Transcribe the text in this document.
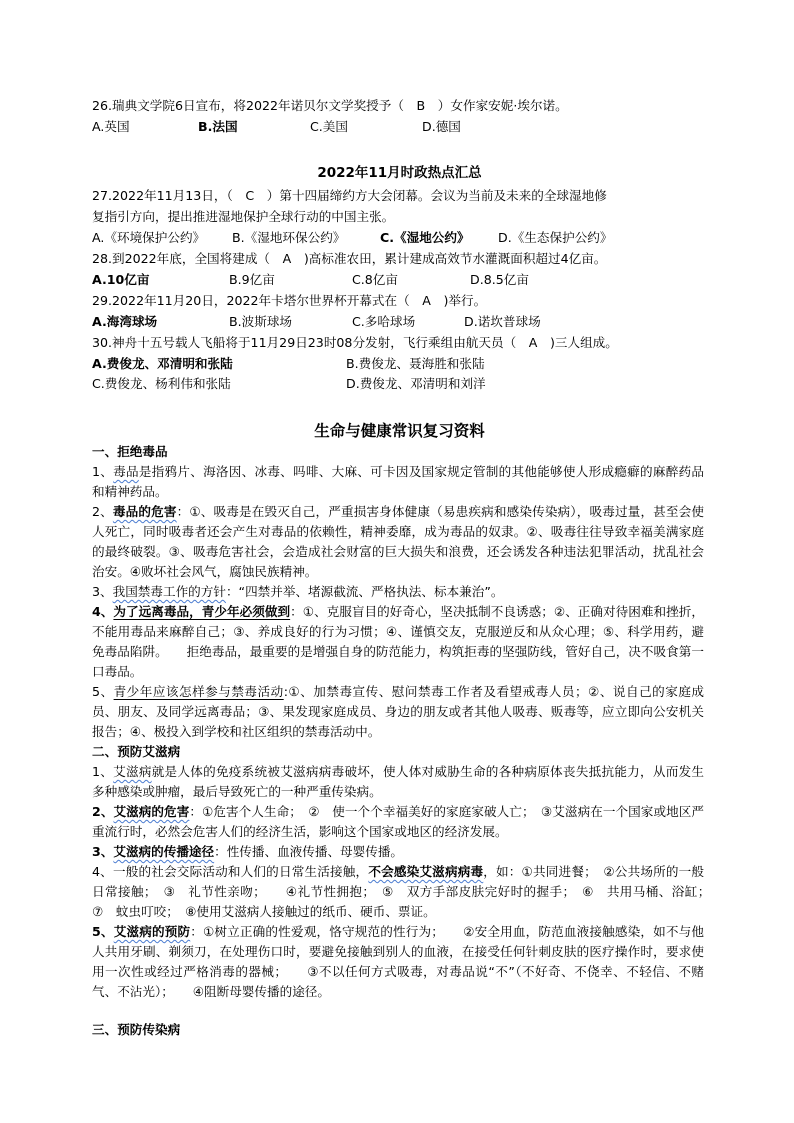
26.瑞典文学院6日宣布，将2022年诺贝尔文学奖授予（　B　）女作家安妮·埃尔诺。
A.英国	B.法国	C.美国	D.德国
2022年11月时政热点汇总
27.2022年11月13日，（　C　）第十四届缔约方大会闭幕。会议为当前及未来的全球湿地修
复指引方向，提出推进湿地保护全球行动的中国主张。
A.《环境保护公约》 B.《湿地环保公约》	C.《湿地公约》 D.《生态保护公约》
28.到2022年底，全国将建成（　A　)高标准农田，累计建成高效节水灌溉面积超过4亿亩。
A.10亿亩	B.9亿亩	C.8亿亩	D.8.5亿亩
29.2022年11月20日，2022年卡塔尔世界杯开幕式在（　A　)举行。
A.海湾球场	B.波斯球场	C.多哈球场	D.诺坎普球场
30.神舟十五号载人飞船将于11月29日23时08分发射，飞行乘组由航天员（　A　)三人组成。
A.费俊龙、邓清明和张陆	B.费俊龙、聂海胜和张陆
C.费俊龙、杨利伟和张陆	D.费俊龙、邓清明和刘洋
生命与健康常识复习资料
一、拒绝毒品
1、毒品是指鸦片、海洛因、冰毒、吗啡、大麻、可卡因及国家规定管制的其他能够使人形成瘾癖的麻醉药品和精神药品。
2、毒品的危害：①、吸毒是在毁灭自己，严重损害身体健康（易患疾病和感染传染病），吸毒过量，甚至会使人死亡，同时吸毒者还会产生对毒品的依赖性，精神委靡，成为毒品的奴隶。②、吸毒往往导致幸福美满家庭的最终破裂。③、吸毒危害社会，会造成社会财富的巨大损失和浪费，还会诱发各种违法犯罪活动，扰乱社会治安。④败坏社会风气，腐蚀民族精神。
3、我国禁毒工作的方针：“四禁并举、堵源截流、严格执法、标本兼治”。
4、为了远离毒品，青少年必须做到：①、克服盲目的好奇心，坚决抵制不良诱惑；②、正确对待困难和挫折，不能用毒品来麻醉自己；③、养成良好的行为习惯；④、谨慎交友，克服逆反和从众心理；⑤、科学用药，避免毒品陷阱。　　拒绝毒品，最重要的是增强自身的防范能力，构筑拒毒的坚强防线，管好自己，决不吸食第一口毒品。
5、青少年应该怎样参与禁毒活动:①、加禁毒宣传、慰问禁毒工作者及看望戒毒人员；②、说自己的家庭成员、朋友、及同学远离毒品；③、果发现家庭成员、身边的朋友或者其他人吸毒、贩毒等，应立即向公安机关报告；④、极投入到学校和社区组织的禁毒活动中。
二、预防艾滋病
1、艾滋病就是人体的免疫系统被艾滋病病毒破坏，使人体对威胁生命的各种病原体丧失抵抗能力，从而发生多种感染或肿瘤，最后导致死亡的一种严重传染病。
2、艾滋病的危害：①危害个人生命；　②　使一个个幸福美好的家庭家破人亡；　③艾滋病在一个国家或地区严重流行时，必然会危害人们的经济生活，影响这个国家或地区的经济发展。
3、艾滋病的传播途径：性传播、血液传播、母婴传播。
4、一般的社会交际活动和人们的日常生活接触，不会感染艾滋病病毒，如：①共同进餐；　②公共场所的一般日常接触；　③　礼节性亲吻；　　④礼节性拥抱；　⑤　双方手部皮肤完好时的握手；　⑥　共用马桶、浴缸；　⑦　蚊虫叮咬；　⑧使用艾滋病人接触过的纸币、硬币、票证。
5、艾滋病的预防：①树立正确的性爱观，恪守规范的性行为；　　②安全用血，防范血液接触感染，如不与他人共用牙刷、剃须刀，在处理伤口时，要避免接触到别人的血液，在接受任何针刺皮肤的医疗操作时，要求使用一次性或经过严格消毒的器械；　　③不以任何方式吸毒，对毒品说“不”（不好奇、不侥幸、不轻信、不赌气、不沾光）；　　④阻断母婴传播的途径。
三、预防传染病
